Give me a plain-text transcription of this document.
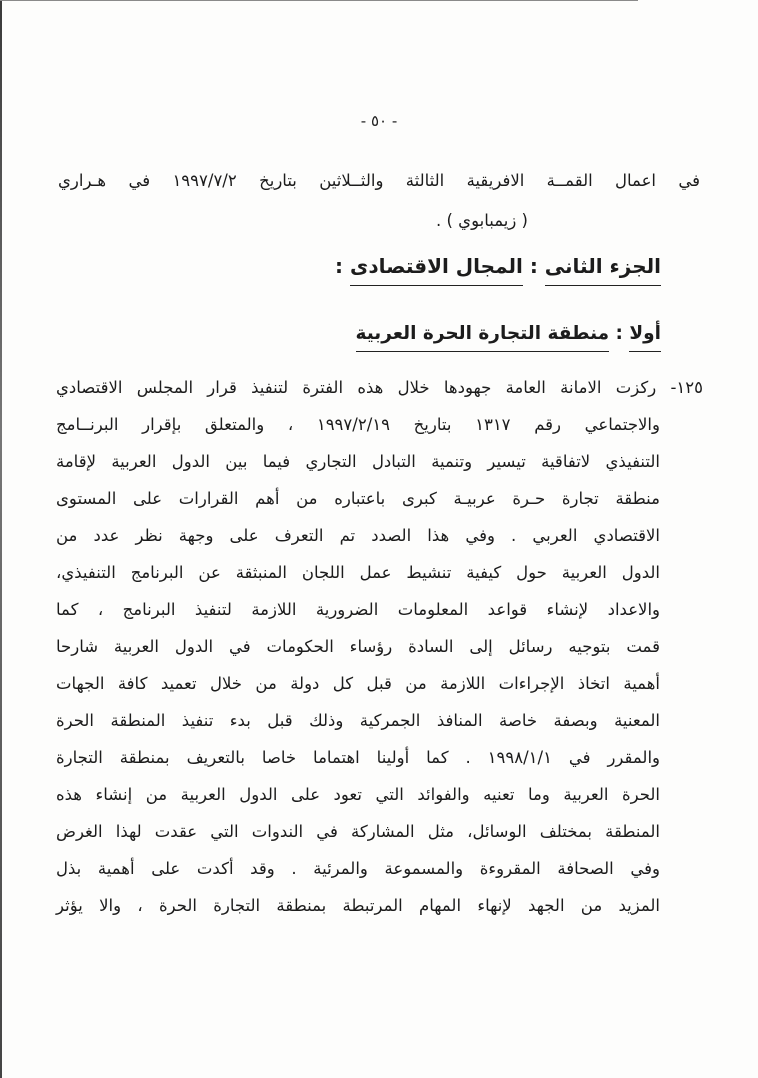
- ٥٠ -
في اعمال القمــة الافريقية الثالثة والثــلاثين بتاريخ ١٩٩٧/٧/٢ في هـراري
( زيمبابوي ) .
الجزء الثانى : المجال الاقتصادى :
أولا : منطقة التجارة الحرة العربية
١٢٥- ركزت الامانة العامة جهودها خلال هذه الفترة لتنفيذ قرار المجلس الاقتصادي
والاجتماعي رقم ١٣١٧ بتاريخ ١٩٩٧/٢/١٩ ، والمتعلق بإقرار البرنــامج
التنفيذي لاتفاقية تيسير وتنمية التبادل التجاري فيما بين الدول العربية لإقامة
منطقة تجارة حـرة عربيـة كبرى باعتباره من أهم القرارات على المستوى
الاقتصادي العربي . وفي هذا الصدد تم التعرف على وجهة نظر عدد من
الدول العربية حول كيفية تنشيط عمل اللجان المنبثقة عن البرنامج التنفيذي،
والاعداد لإنشاء قواعد المعلومات الضرورية اللازمة لتنفيذ البرنامج ، كما
قمت بتوجيه رسائل إلى السادة رؤساء الحكومات في الدول العربية شارحا
أهمية اتخاذ الإجراءات اللازمة من قبل كل دولة من خلال تعميد كافة الجهات
المعنية وبصفة خاصة المنافذ الجمركية وذلك قبل بدء تنفيذ المنطقة الحرة
والمقرر في ١٩٩٨/١/١ . كما أولينا اهتماما خاصا بالتعريف بمنطقة التجارة
الحرة العربية وما تعنيه والفوائد التي تعود على الدول العربية من إنشاء هذه
المنطقة بمختلف الوسائل، مثل المشاركة في الندوات التي عقدت لهذا الغرض
وفي الصحافة المقروءة والمسموعة والمرئية . وقد أكدت على أهمية بذل
المزيد من الجهد لإنهاء المهام المرتبطة بمنطقة التجارة الحرة ، والا يؤثر
